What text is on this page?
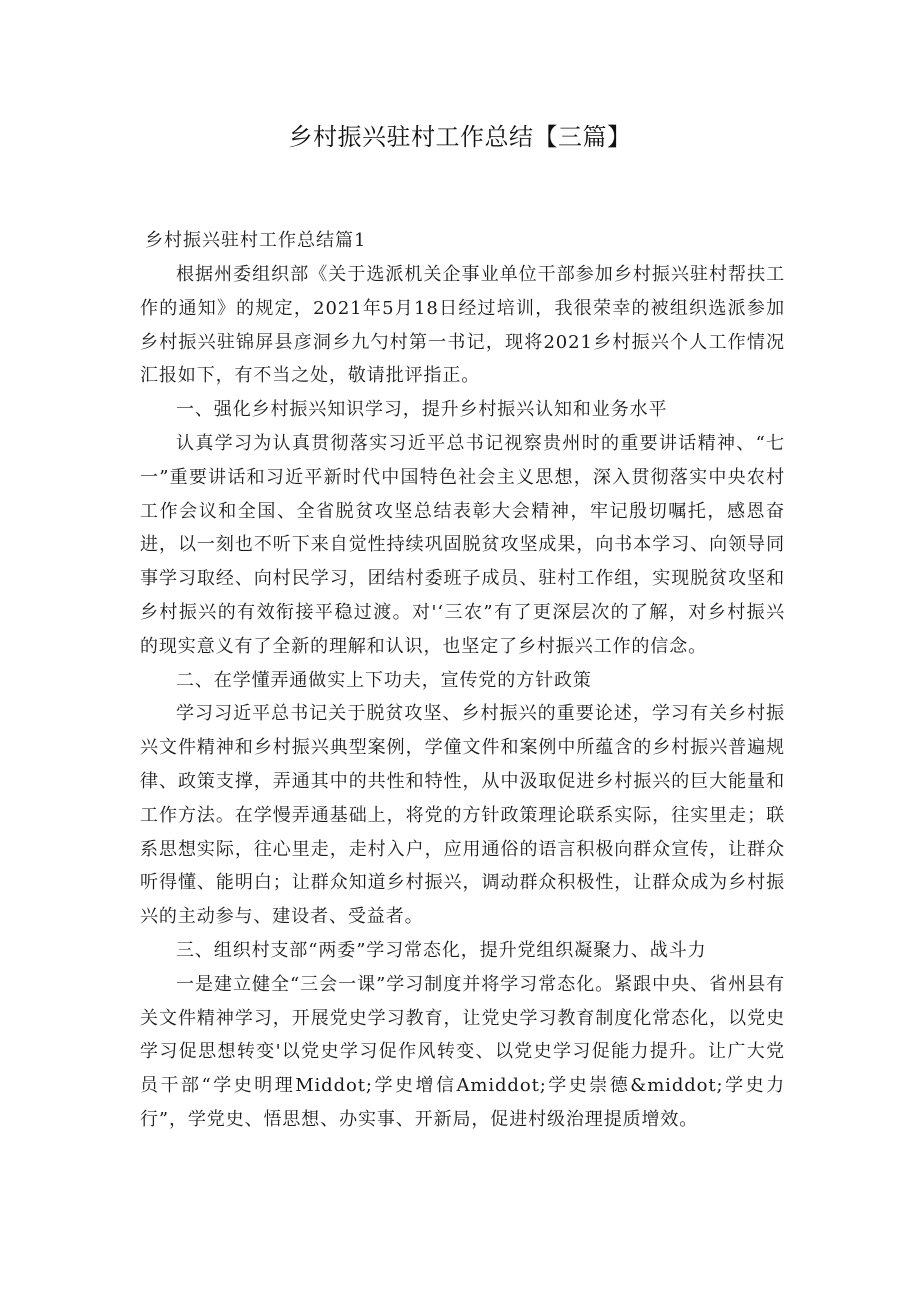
乡村振兴驻村工作总结【三篇】

乡村振兴驻村工作总结篇1

根据州委组织部《关于选派机关企事业单位干部参加乡村振兴驻村帮扶工作的通知》的规定，2021年5月18日经过培训，我很荣幸的被组织选派参加乡村振兴驻锦屏县彦洞乡九勺村第一书记，现将2021乡村振兴个人工作情况汇报如下，有不当之处，敬请批评指正。

一、强化乡村振兴知识学习，提升乡村振兴认知和业务水平

认真学习为认真贯彻落实习近平总书记视察贵州时的重要讲话精神、“七一”重要讲话和习近平新时代中国特色社会主义思想，深入贯彻落实中央农村工作会议和全国、全省脱贫攻坚总结表彰大会精神，牢记殷切嘱托，感恩奋进，以一刻也不听下来自觉性持续巩固脱贫攻坚成果，向书本学习、向领导同事学习取经、向村民学习，团结村委班子成员、驻村工作组，实现脱贫攻坚和乡村振兴的有效衔接平稳过渡。对'‘三农”有了更深层次的了解，对乡村振兴的现实意义有了全新的理解和认识，也坚定了乡村振兴工作的信念。

二、在学懂弄通做实上下功夫，宣传党的方针政策

学习习近平总书记关于脱贫攻坚、乡村振兴的重要论述，学习有关乡村振兴文件精神和乡村振兴典型案例，学僮文件和案例中所蕴含的乡村振兴普遍规律、政策支撑，弄通其中的共性和特性，从中汲取促进乡村振兴的巨大能量和工作方法。在学慢弄通基础上，将党的方针政策理论联系实际，往实里走；联系思想实际，往心里走，走村入户，应用通俗的语言积极向群众宣传，让群众听得懂、能明白；让群众知道乡村振兴，调动群众积极性，让群众成为乡村振兴的主动参与、建设者、受益者。

三、组织村支部“两委”学习常态化，提升党组织凝聚力、战斗力

一是建立健全“三会一课”学习制度并将学习常态化。紧跟中央、省州县有关文件精神学习，开展党史学习教育，让党史学习教育制度化常态化，以党史学习促思想转变'以党史学习促作风转变、以党史学习促能力提升。让广大党员干部“学史明理Middot;学史增信Amiddot;学史崇德&middot;学史力行”，学党史、悟思想、办实事、开新局，促进村级治理提质增效。
